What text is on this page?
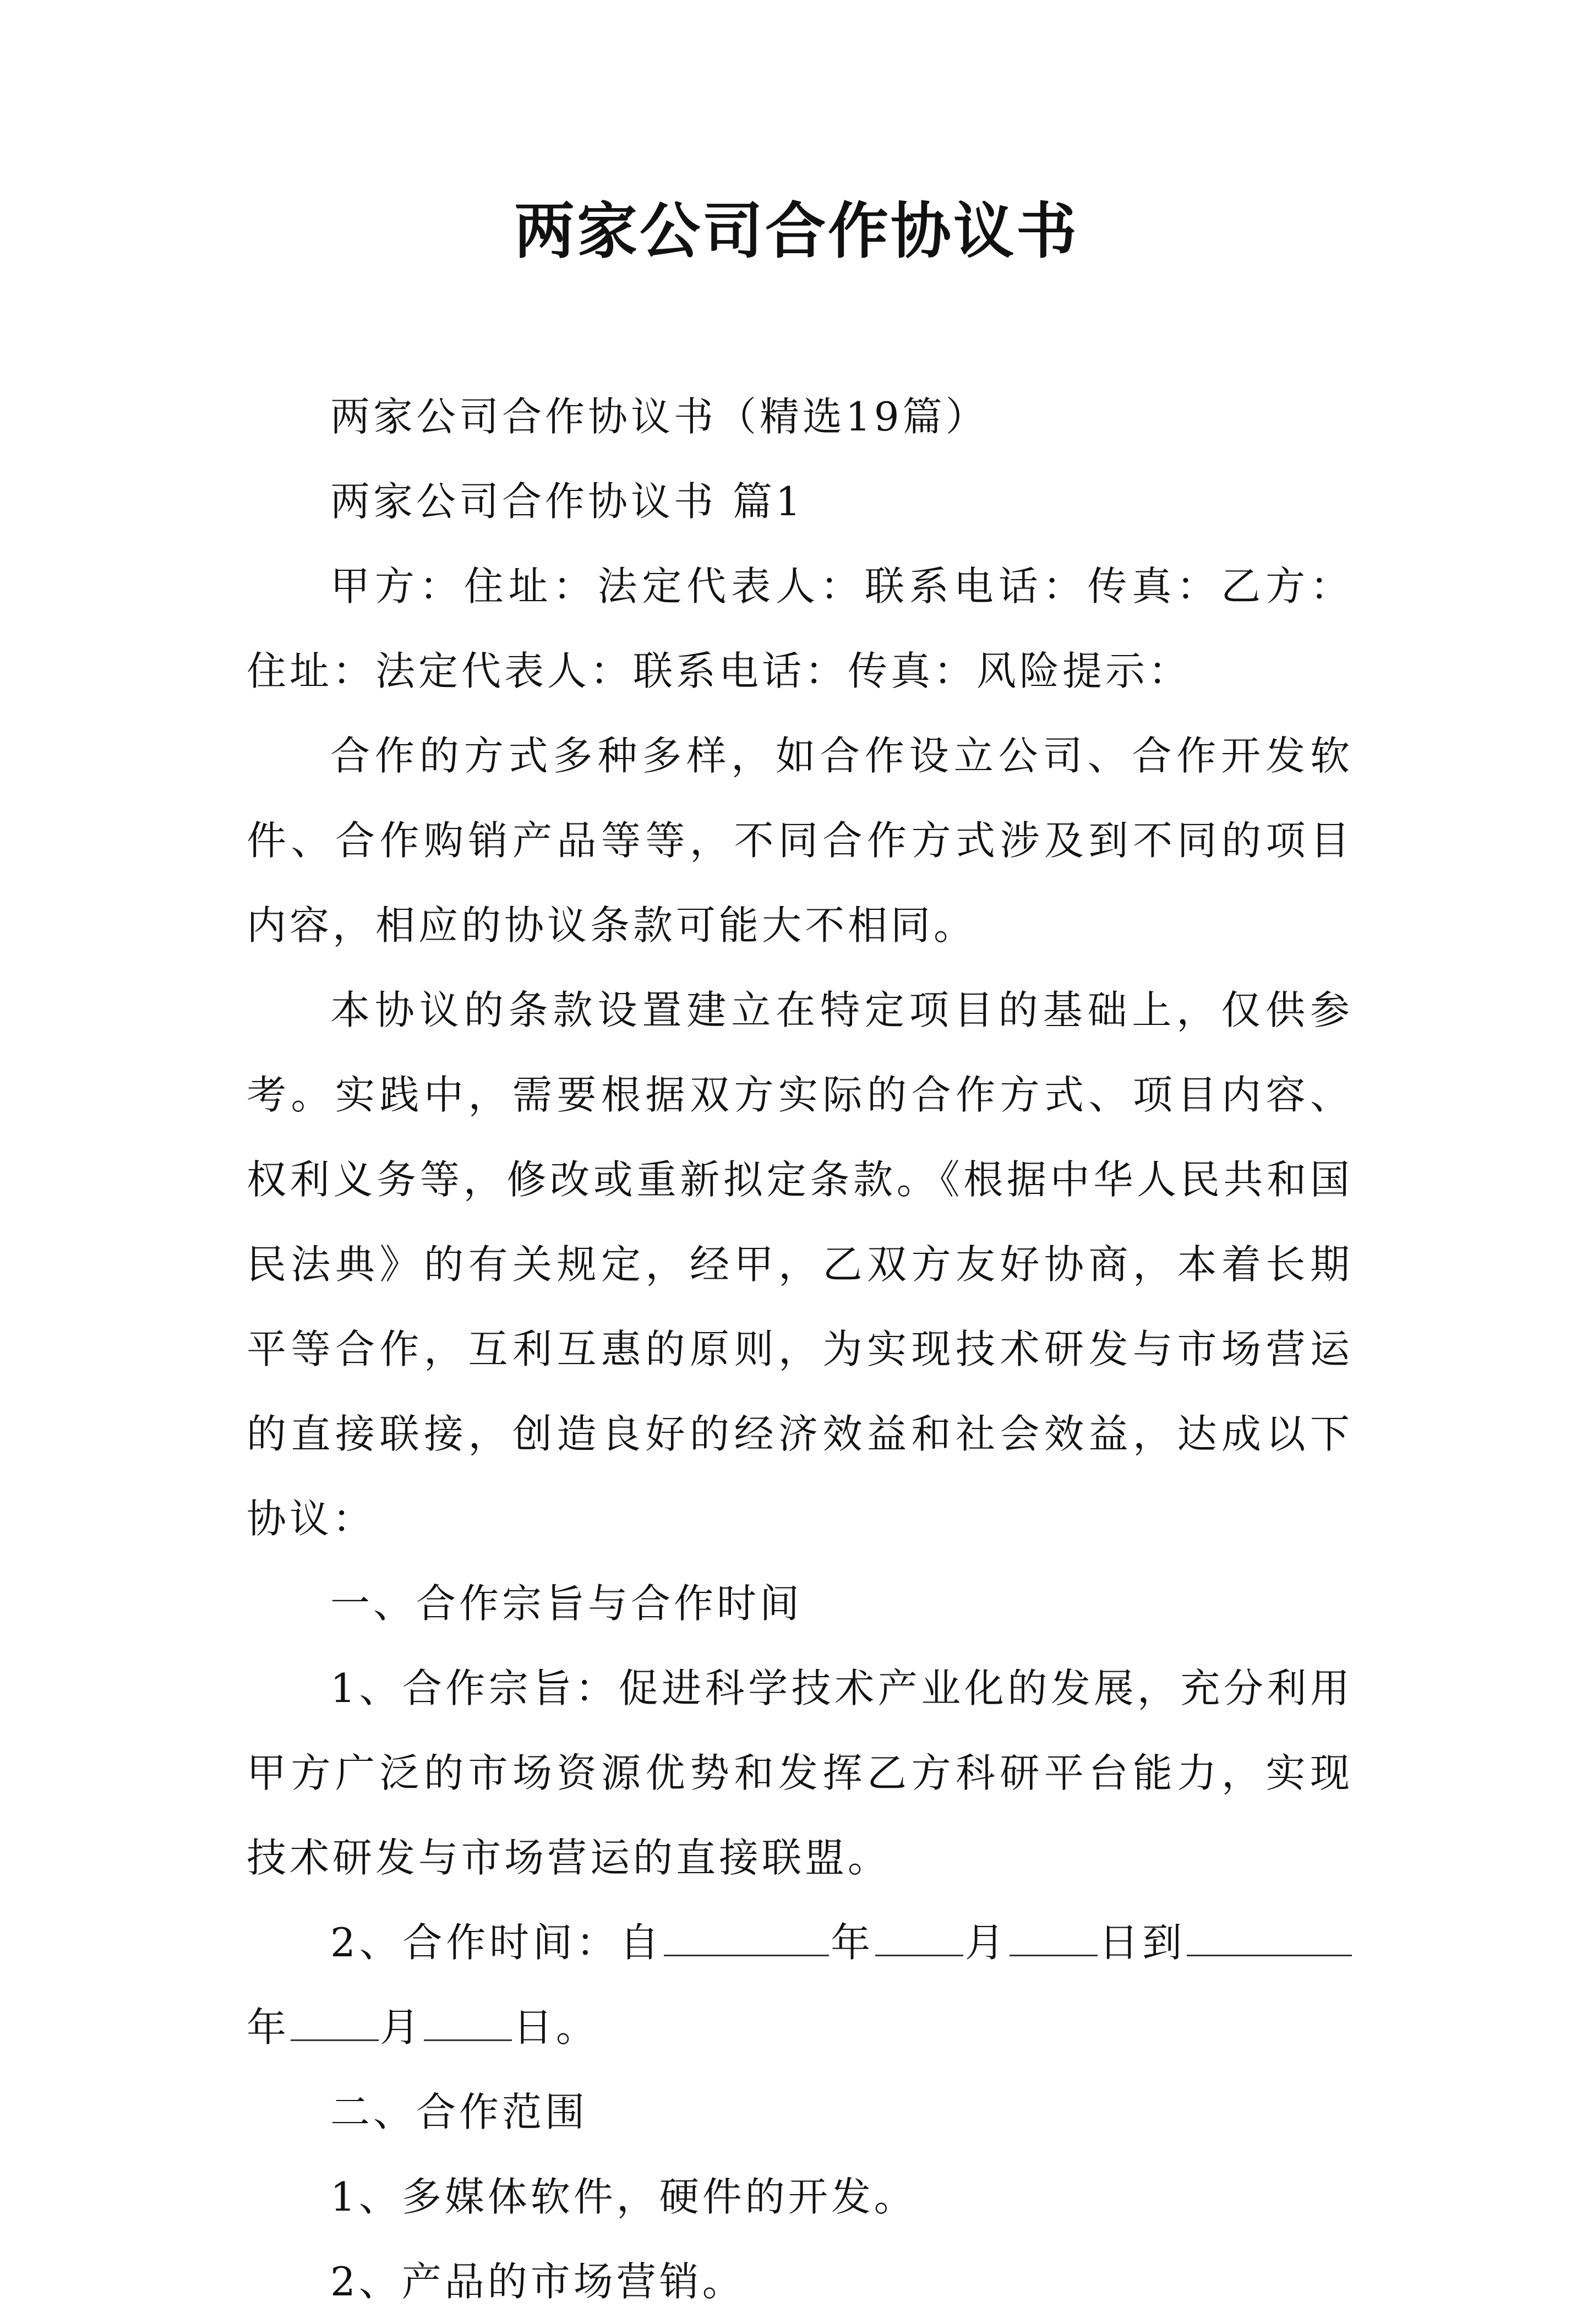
两家公司合作协议书

两家公司合作协议书（精选19篇）

两家公司合作协议书 篇1

甲方：住址：法定代表人：联系电话：传真：乙方：住址：法定代表人：联系电话：传真：风险提示：

合作的方式多种多样，如合作设立公司、合作开发软件、合作购销产品等等，不同合作方式涉及到不同的项目内容，相应的协议条款可能大不相同。

本协议的条款设置建立在特定项目的基础上，仅供参考。实践中，需要根据双方实际的合作方式、项目内容、权利义务等，修改或重新拟定条款。《根据中华人民共和国民法典》的有关规定，经甲，乙双方友好协商，本着长期平等合作，互利互惠的原则，为实现技术研发与市场营运的直接联接，创造良好的经济效益和社会效益，达成以下协议：

一、合作宗旨与合作时间

1、合作宗旨：促进科学技术产业化的发展，充分利用甲方广泛的市场资源优势和发挥乙方科研平台能力，实现技术研发与市场营运的直接联盟。

2、合作时间：自	年 月 日到年 月 日。

二、合作范围

1、多媒体软件，硬件的开发。

2、产品的市场营销。
